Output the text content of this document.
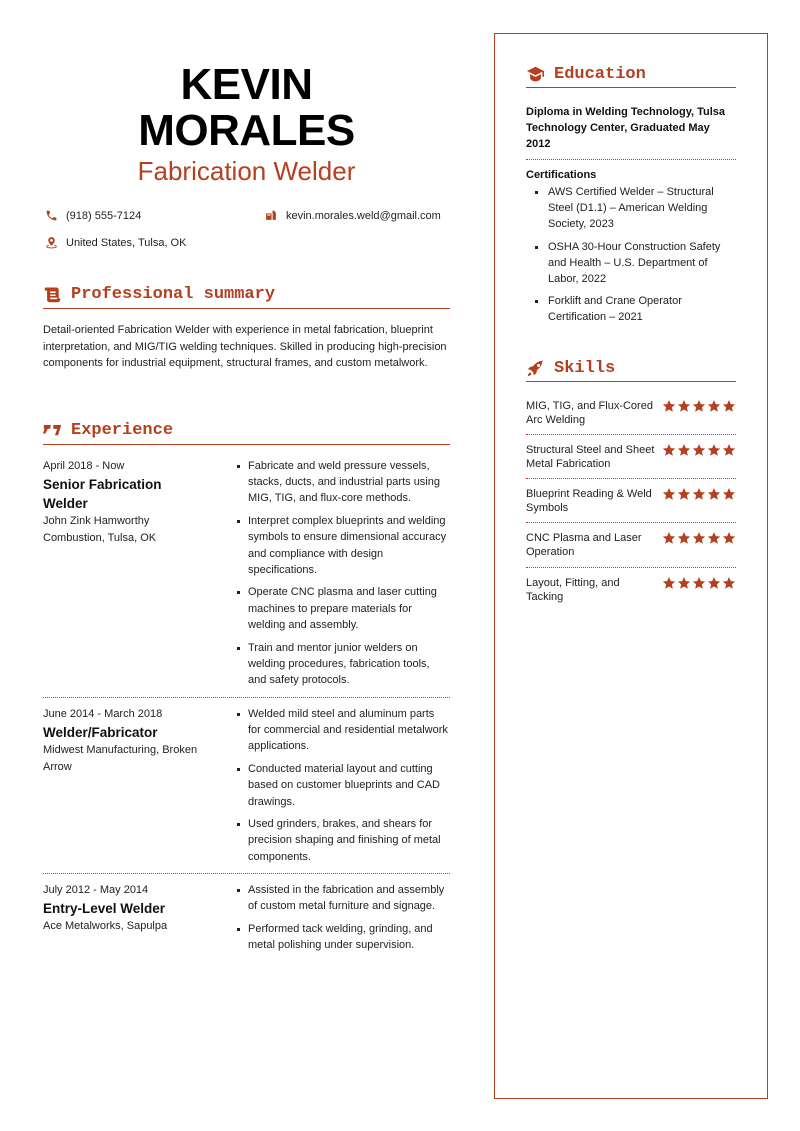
KEVIN
MORALES
Fabrication Welder
(918) 555-7124	kevin.morales.weld@gmail.com
United States, Tulsa, OK
Professional summary

Detail-oriented Fabrication Welder with experience in metal fabrication, blueprint interpretation, and MIG/TIG welding techniques. Skilled in producing high-precision components for industrial equipment, structural frames, and custom metalwork.

Experience
April 2018 - Now
Senior Fabrication Welder
John Zink Hamworthy Combustion, Tulsa, OK
Fabricate and weld pressure vessels, stacks, ducts, and industrial parts using MIG, TIG, and flux-core methods.
Interpret complex blueprints and welding symbols to ensure dimensional accuracy and compliance with design specifications.
Operate CNC plasma and laser cutting machines to prepare materials for welding and assembly.
Train and mentor junior welders on welding procedures, fabrication tools, and safety protocols.
June 2014 - March 2018
Welder/Fabricator
Midwest Manufacturing, Broken Arrow
Welded mild steel and aluminum parts for commercial and residential metalwork applications.
Conducted material layout and cutting based on customer blueprints and CAD drawings.
Used grinders, brakes, and shears for precision shaping and finishing of metal components.
July 2012 - May 2014
Entry-Level Welder
Ace Metalworks, Sapulpa
Assisted in the fabrication and assembly of custom metal furniture and signage.
Performed tack welding, grinding, and metal polishing under supervision.
Education
Diploma in Welding Technology, Tulsa Technology Center, Graduated May 2012
Certifications
AWS Certified Welder – Structural Steel (D1.1) – American Welding Society, 2023
OSHA 30-Hour Construction Safety and Health – U.S. Department of Labor, 2022
Forklift and Crane Operator Certification – 2021
Skills
MIG, TIG, and Flux-Cored Arc Welding
Structural Steel and Sheet Metal Fabrication
Blueprint Reading & Weld Symbols
CNC Plasma and Laser Operation
Layout, Fitting, and Tacking
